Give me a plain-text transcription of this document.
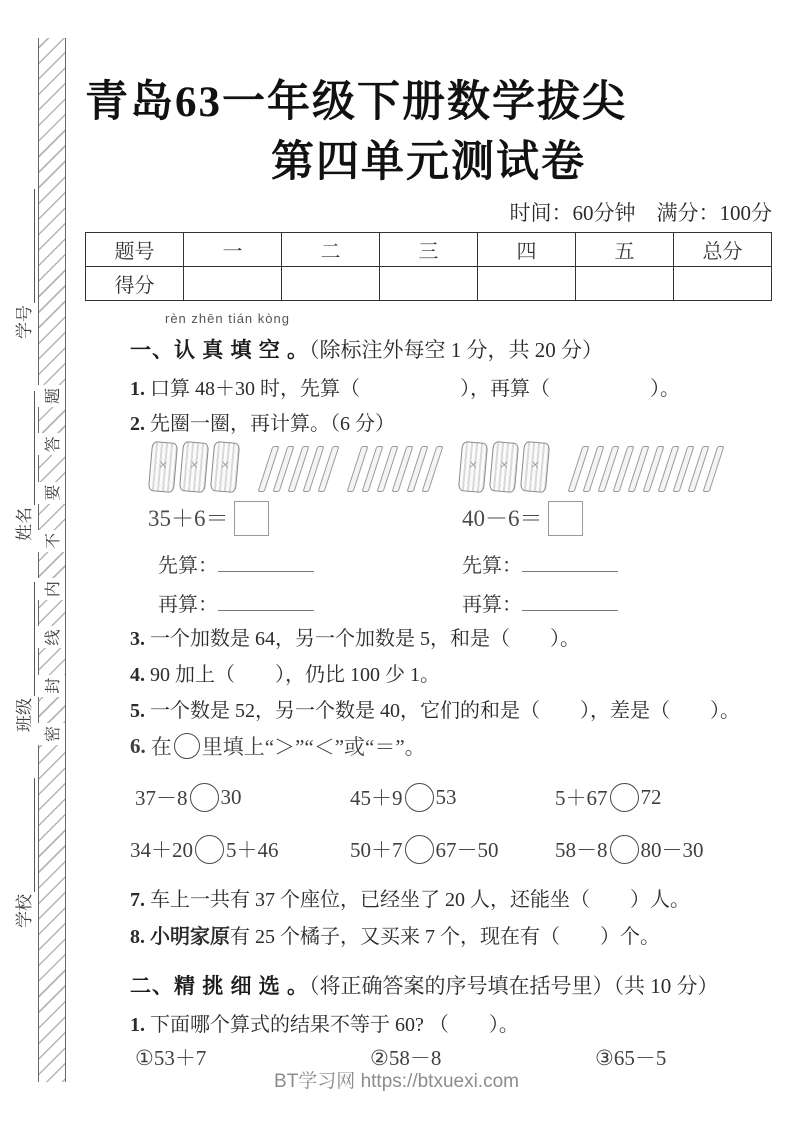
密
封
线
内
不
要
答
题
学号
姓名
班级
学校
青岛63一年级下册数学拔尖
第四单元测试卷
时间：60分钟　满分：100分
题号	一	二	三	四	五	总分
得分						
rèn zhēn tián kòng
一、认 真 填 空 。（除标注外每空 1 分，共 20 分）
1. 口算 48＋30 时，先算（　　　　　），再算（　　　　　）。
2. 先圈一圈，再计算。（6 分）
×
×
×
×
×
×
35＋6＝	40－6＝
先算：	先算：
再算：	再算：
3. 一个加数是 64，另一个加数是 5，和是（　　）。
4. 90 加上（　　），仍比 100 少 1。
5. 一个数是 52，另一个数是 40，它们的和是（　　），差是（　　）。
6. 在 里填上“＞”“＜”或“＝”。
37－8 30	45＋9 53	5＋67 72
34＋20 5＋46	50＋7 67－50	58－8 80－30
7. 车上一共有 37 个座位，已经坐了 20 人，还能坐（　　）人。
8. 小明家原有 25 个橘子，又买来 7 个，现在有（　　）个。
二、精 挑 细 选 。（将正确答案的序号填在括号里）（共 10 分）
1. 下面哪个算式的结果不等于 60? （　　）。
①53＋7	②58－8	③65－5
BT学习网 https://btxuexi.com
